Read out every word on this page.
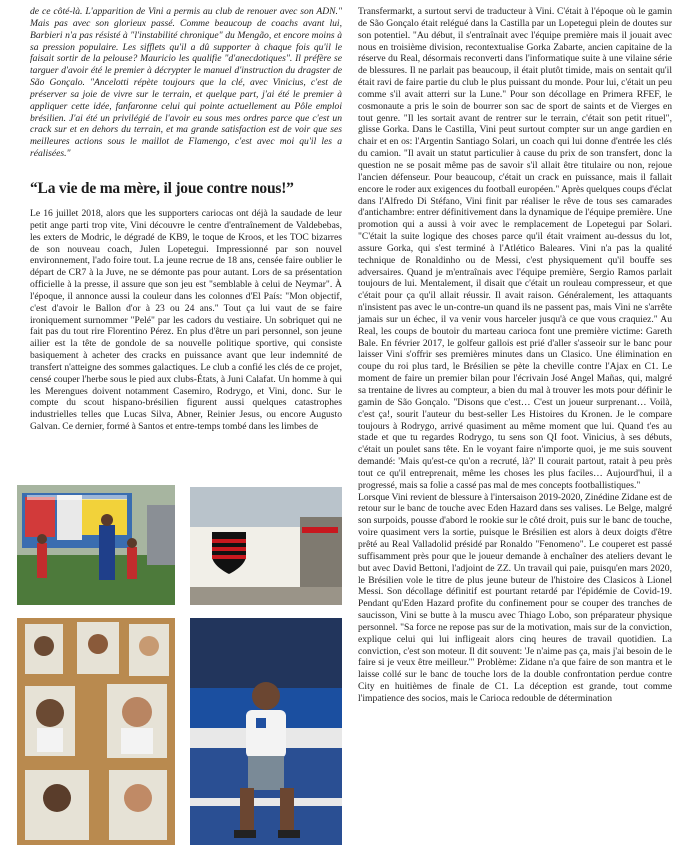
de ce côté-là. L'apparition de Vini a permis au club de renouer avec son ADN." Mais pas avec son glorieux passé. Comme beaucoup de coachs avant lui, Barbieri n'a pas résisté à "l'instabilité chronique" du Mengão, et encore moins à sa pression populaire. Les sifflets qu'il a dû supporter à chaque fois qu'il le faisait sortir de la pelouse? Mauricio les qualifie "d'anecdotiques". Il préfère se targuer d'avoir été le premier à décrypter le manuel d'instruction du dragster de São Gonçalo. "Ancelotti répète toujours que la clé, avec Vinicius, c'est de préserver sa joie de vivre sur le terrain, et quelque part, j'ai été le premier à appliquer cette idée, fanfaronne celui qui pointe actuellement au Pôle emploi brésilien. J'ai été un privilégié de l'avoir eu sous mes ordres parce que c'est un crack sur et en dehors du terrain, et ma grande satisfaction est de voir que ses meilleures actions sous le maillot de Flamengo, c'est avec moi qu'il les a réalisées."

“La vie de ma mère, il joue contre nous!”

Le 16 juillet 2018, alors que les supporters cariocas ont déjà la saudade de leur petit ange parti trop vite, Vini découvre le centre d'entraînement de Valdebebas, les exters de Modric, le dégradé de KB9, le toque de Kroos, et les TOC bizarres de son nouveau coach, Julen Lopetegui. Impressionné par son nouvel environnement, l'ado foire tout. La jeune recrue de 18 ans, censée faire oublier le départ de CR7 à la Juve, ne se démonte pas pour autant. Lors de sa présentation officielle à la presse, il assure que son jeu est "semblable à celui de Neymar". À l'époque, il annonce aussi la couleur dans les colonnes d'El País: "Mon objectif, c'est d'avoir le Ballon d'or à 23 ou 24 ans." Tout ça lui vaut de se faire ironiquement surnommer "Pelé" par les cadors du vestiaire. Un sobriquet qui ne fait pas du tout rire Florentino Pérez. En plus d'être un pari personnel, son jeune ailier est la tête de gondole de sa nouvelle politique sportive, qui consiste basiquement à acheter des cracks en puissance avant que leur indemnité de transfert n'atteigne des sommes galactiques. Le club a confié les clés de ce projet, censé couper l'herbe sous le pied aux clubs-États, à Juni Calafat. Un homme à qui les Merengues doivent notamment Casemiro, Rodrygo, et Vini, donc. Sur le compte du scout hispano-brésilien figurent aussi quelques catastrophes industrielles telles que Lucas Silva, Abner, Reinier Jesus, ou encore Augusto Galvan. Ce dernier, formé à Santos et entre-temps tombé dans les limbes de

Transfermarkt, a surtout servi de traducteur à Vini. C'était à l'époque où le gamin de São Gonçalo était relégué dans la Castilla par un Lopetegui plein de doutes sur son potentiel. "Au début, il s'entraînait avec l'équipe première mais il jouait avec nous en troisième division, recontextualise Gorka Zabarte, ancien capitaine de la réserve du Real, désormais reconverti dans l'informatique suite à une vilaine série de blessures. Il ne parlait pas beaucoup, il était plutôt timide, mais on sentait qu'il était ravi de faire partie du club le plus puissant du monde. Pour lui, c'était un peu comme s'il avait atterri sur la Lune." Pour son décollage en Primera RFEF, le cosmonaute a pris le soin de bourrer son sac de sport de saints et de Vierges en tout genre. "Il les sortait avant de rentrer sur le terrain, c'était son petit rituel", glisse Gorka. Dans le Castilla, Vini peut surtout compter sur un ange gardien en chair et en os: l'Argentin Santiago Solari, un coach qui lui donne d'entrée les clés du camion. "Il avait un statut particulier à cause du prix de son transfert, donc la question ne se posait même pas de savoir s'il allait être titulaire ou non, rejoue l'ancien défenseur. Pour beaucoup, c'était un crack en puissance, mais il fallait encore le roder aux exigences du football européen." Après quelques coups d'éclat dans l'Alfredo Di Stéfano, Vini finit par réaliser le rêve de tous ses camarades d'antichambre: entrer définitivement dans la dynamique de l'équipe première. Une promotion qui a aussi à voir avec le remplacement de Lopetegui par Solari. "C'était la suite logique des choses parce qu'il était vraiment au-dessus du lot, assure Gorka, qui s'est terminé à l'Atlético Baleares. Vini n'a pas la qualité technique de Ronaldinho ou de Messi, c'est physiquement qu'il bouffe ses adversaires. Quand je m'entraînais avec l'équipe première, Sergio Ramos parlait toujours de lui. Mentalement, il disait que c'était un rouleau compresseur, et que c'était pour ça qu'il allait réussir. Il avait raison. Généralement, les attaquants n'insistent pas avec le un-contre-un quand ils ne passent pas, mais Vini ne s'arrête jamais sur un échec, il va venir vous harceler jusqu'à ce que vous craquiez." Au Real, les coups de boutoir du marteau carioca font une première victime: Gareth Bale. En février 2017, le golfeur gallois est prié d'aller s'asseoir sur le banc pour laisser Vini s'offrir ses premières minutes dans un Clasico. Une élimination en coupe du roi plus tard, le Brésilien se pète la cheville contre l'Ajax en C1. Le moment de faire un premier bilan pour l'écrivain José Angel Mañas, qui, malgré sa trentaine de livres au compteur, a bien du mal à trouver les mots pour définir le gamin de São Gonçalo. "Disons que c'est… C'est un joueur surprenant… Voilà, c'est ça!, sourit l'auteur du best-seller Les Histoires du Kronen. Je le compare toujours à Rodrygo, arrivé quasiment au même moment que lui. Quand t'es au stade et que tu regardes Rodrygo, tu sens son QI foot. Vinicius, à ses débuts, c'était un poulet sans tête. En le voyant faire n'importe quoi, je me suis souvent demandé: 'Mais qu'est-ce qu'on a recruté, là?' Il courait partout, ratait à peu près tout ce qu'il entreprenait, même les choses les plus faciles… Aujourd'hui, il a progressé, mais sa folie a cassé pas mal de mes concepts footballistiques."

Lorsque Vini revient de blessure à l'intersaison 2019-2020, Zinédine Zidane est de retour sur le banc de touche avec Eden Hazard dans ses valises. Le Belge, malgré son surpoids, pousse d'abord le rookie sur le côté droit, puis sur le banc de touche, voire quasiment vers la sortie, puisque le Brésilien est alors à deux doigts d'être prêté au Real Valladolid présidé par Ronaldo "Fenomeno". Le couperet est passé suffisamment près pour que le joueur demande à enchaîner des ateliers devant le but avec David Bettoni, l'adjoint de ZZ. Un travail qui paie, puisqu'en mars 2020, le Brésilien vole le titre de plus jeune buteur de l'histoire des Clasicos à Lionel Messi. Son décollage définitif est pourtant retardé par l'épidémie de Covid-19. Pendant qu'Eden Hazard profite du confinement pour se couper des tranches de saucisson, Vini se butte à la muscu avec Thiago Lobo, son préparateur physique personnel. "Sa force ne repose pas sur de la motivation, mais sur de la conviction, explique celui qui lui infligeait alors cinq heures de travail quotidien. La conviction, c'est son moteur. Il dit souvent: 'Je n'aime pas ça, mais j'ai besoin de le faire si je veux être meilleur.'" Problème: Zidane n'a que faire de son mantra et le laisse collé sur le banc de touche lors de la double confrontation perdue contre City en huitièmes de finale de C1. La déception est grande, tout comme l'impatience des socios, mais le Carioca redouble de détermination
